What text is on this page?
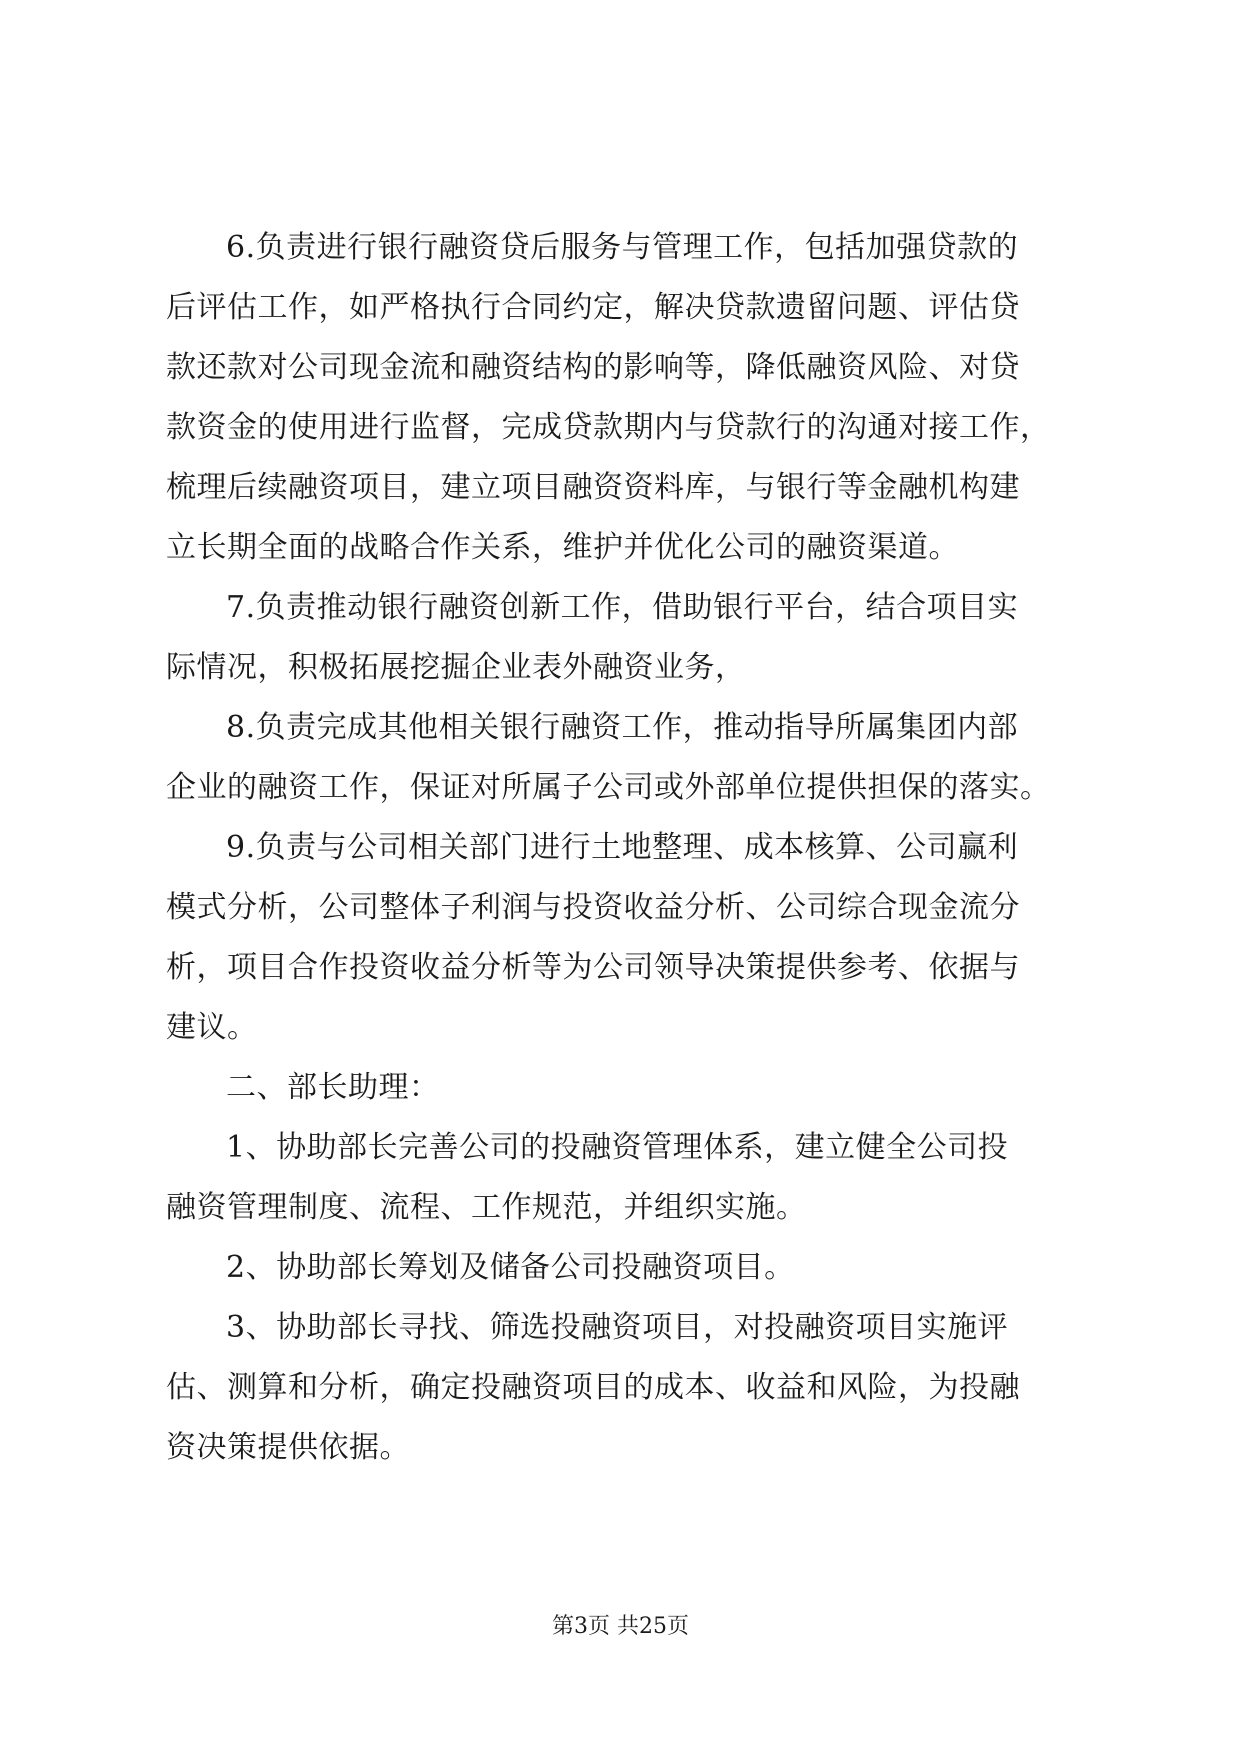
6.负责进行银行融资贷后服务与管理工作，包括加强贷款的
后评估工作，如严格执行合同约定，解决贷款遗留问题、评估贷
款还款对公司现金流和融资结构的影响等，降低融资风险、对贷
款资金的使用进行监督，完成贷款期内与贷款行的沟通对接工作，
梳理后续融资项目，建立项目融资资料库，与银行等金融机构建
立长期全面的战略合作关系，维护并优化公司的融资渠道。
7.负责推动银行融资创新工作，借助银行平台，结合项目实
际情况，积极拓展挖掘企业表外融资业务，
8.负责完成其他相关银行融资工作，推动指导所属集团内部
企业的融资工作，保证对所属子公司或外部单位提供担保的落实。
9.负责与公司相关部门进行土地整理、成本核算、公司赢利
模式分析，公司整体子利润与投资收益分析、公司综合现金流分
析，项目合作投资收益分析等为公司领导决策提供参考、依据与
建议。
二、部长助理：
1、协助部长完善公司的投融资管理体系，建立健全公司投
融资管理制度、流程、工作规范，并组织实施。
2、协助部长筹划及储备公司投融资项目。
3、协助部长寻找、筛选投融资项目，对投融资项目实施评
估、测算和分析，确定投融资项目的成本、收益和风险，为投融
资决策提供依据。
第3页 共25页
